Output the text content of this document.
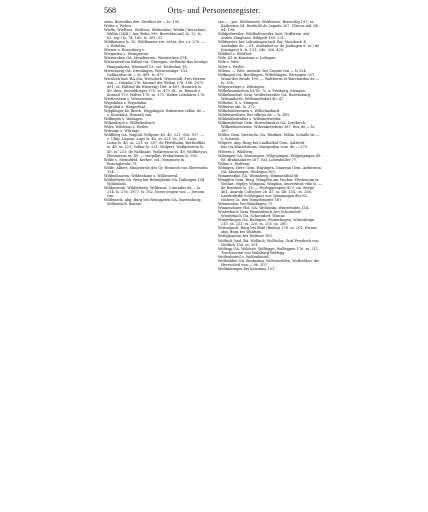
568	Orts- und Personenregister.

stein. Bertoldus des. Swelher de — ls. 190.

Wider s. Weber.

Wielle, Wielleus, Weilleus, Weilienhus, Weilin (-berschen), Wellin (LKB.). her Welin 399. Bertoldus mil. ls. 12. ls. 62. (ep.) ls. 74. 160. ls. 387; 31.

Wildhausen ls. 10. Wildhauser res. et his. fra. s.r. 279. — s. Rotelda.

Wiener s. Rosenberg s.

Wiegarten s. Weingarten.

Wiernecken OA. Mendtsuren, Wiernecken 174.

Wiesenweil im Salbal OA. Ohringen, vielleicht das heutige Hampalacha, Wiesendl 13. ool. Tottiecker 18.

Wiesenseig OA. Greulingen, Wiesenstaige. 153. Gebhardus de — ls. 499. ls. 477.

Wiesloch bad. BA.Sür. Wiesslock, Wiessendl. Frei Herren von — Diembo 176. Konrad der Wilton 176. 186. 1671. 491; ss. Hiltrud ihr Eheweig) 186. ir 487. Heinrich ls. 49. dess. Sesseldruger 170. ss. 470. 8L. ss. Reinolt s. Konrad 170. Walter 170. ss. 171. Walter Liltzbärer 170.

Wietterstein s. Wiesenstein.

Wigsdahin s. Wigsdahin.

Wigroltal s. Weigerthal.

Wipplinger Kr. Barch. Wigplingen. Bulentuse cellar. de — s. Konstanz, Domerlj can.

Wilfingen s. Walingen.

Wilkenbach s. Wilhelmsbach.

Wiler, Wilstrion s. Weiler.

Wilringe s. Wilringe.

Wildberg OA. Nagold. Wiltpurc 40. 49. 221. 926. 937. — s. Ulfip. Lupion, Lupe ls. 40. ss. 221. ss. 557. Luas. Lutze ls. 48. ss. 221. ss. 557. de Pferdhalm, Berthofflus ls. 48. ss. 221; Volker ls. 221; Wolpert, Wolfgerstein ls. 49. ss. 221; de Wolknant, Wolkersuus ss. 49. Wolfhotyus, Hornaunus ss. 49. — vierpilkh. Probationes ls. 592.

Wilde s. Steindfeld, Kerher. col.; bezgraste in Rosengletshe 75.

Wilde, Albert, Ministerele des Gr. Heinrich von Sberestein 154.

Wildenhausen, Wildenhaue s. Wildenweil.

Wildenberg OA. Berg bei Brümgheim OA. Duhingen 154, Wildenhus.

Wildenstein. Wildenberg, Wildenne. Cunradus de — ls. 214. ls. 276. 1977. ls. 302. lssere reigen von — Jeroom von.

Wildeneck, abg. Burg bei Weingarten OA. Ravensburg, Wildeneich. Burnre

ras — , pro. Wildenssee, Wildensee, Beisecilig 197; ss. Katherina 54. Berthold de Lagnde 267. Ulricus mil. 84. 84. 198.

Wildpoltweiler, Wildboltsweiler, kiot. Griffstein. abt. Audes. Ringhuos, Rihtpolt 165. 221.

Wildeneier, bei Lohnrängen bad. BA. Moosbach 4. Anshalms de — 61. Ansbalrat ss. de Jastingen 8. ss.) de Jestingen) 8. ls. 131. 240. 326. 420.

Wildhof s. Weldhof.

Wile, Kl. in Konstanz s. Lofingen.

Wile s. Weil.

Wiler s. Weiler.

Wileus. — Wile, unstabr. her Cunrat von — ls 524.

Wilfingen OA. Riedlingen, Wiltelfingen, Wirtingen 321. Wuno der Brüde 190. — Waltherus et Burchardus de — ls. 398.

Wilgerwenge s. Wilringen.

Wilhelminenstein Kr.Tü. 7s. a. Freiburg. Mengen.

Wilhelmsdorf. Gem. Wolfertsweiler OA. Ravensburg, Wilsandorth, Wilhsmethdorf 40. 47.

Wilholm. S. s. Mangen.

Wilberns abt. ls. 272.

Wilhelmsbrunnen s. Wilhelmsbach.

Wildenweilerer, Bei villicus de — ls. 491.

Wildenkleiwaltar s. Wiltskertweiler.

Wilkensbeilue Gem. Hortseltushut OA. Leutkirch, Wilkeenlarterone, Wilzenkettebrac 387. Bor. de — ls. 387.

Willisc Gem. Dietrachs OA. Waldner, Willia. Schulle de — s. Schreib.

Wilpere, abg. Burg bei Lindhalhof Gem. Salzfeld-bar.OA.Künzelsheim, Nanspullen com. de — 270.

Wilsern s. Wilsberg.

Wilsingen OA. Munsingen, Wilgegingen, Wilgergingen 49. 88. Brahmalurve 187. Gol. Lobenbuller 77.

Wilten s. Walthen.

Wilingen, Herr. Gem. Hayingen, Daneran Gem. Airbertem OA. Munsingen. Wirlegen 303.

Wimmenthal OA. Weinsberg, Wimmenthal 66.

Wimpfen Gem. Berg, Wimpfen am Neckar, Fleekenum in Neckar, Nipfer, Wimpina, Winphin, universitas ville ls. — de Raubrite ls. 15. — Herlipgoszptal 42 f. ciu. Bergo 461. Anwolp Coltscher 28. 47. ss. 48. 154.; ss. 256. Landesbrike Schlusguer von Gemmingen der 62. rüchter 2s. den Wimpfenseite 187.

Winnenden, bei Waiblingen 71.

Winnendoner Hof, OA. Welsheim, Winterhofen 154.

Winterbach Gem. Beutelsbach, bei Schorndorf. Winterbach OA. Schorndorf. Wintar.

Winterlingen OA. Balingen, Winterlingen, Winterlinga 210. ss. 211. ss. 220. ss. 255. ss. 280.

Wittenbach, Burg bei Bühl (Baden) 178. ss. 201. Ferner abg. Burg bei Waldsee.

Wittighausen bei Waldsee 163.

Wolfach, bad. BA. Wolfach, Wolfacha; Graf Friedrich von Wolfach 154. ss. 201.

Wolfegg OA. Waldsee, Wolfegge, Wolfeggen 176. ss. 211. Truchsessen von Waldburg-Wolfegg.

Wolfenbuttel s. Wolfenbüttel.

Wolfsölden OA. Backnang, Wolvesselden, Wolfselden; die Herrschaft von — 96. 107.

Wollmatingen bei Konstanz 151.
